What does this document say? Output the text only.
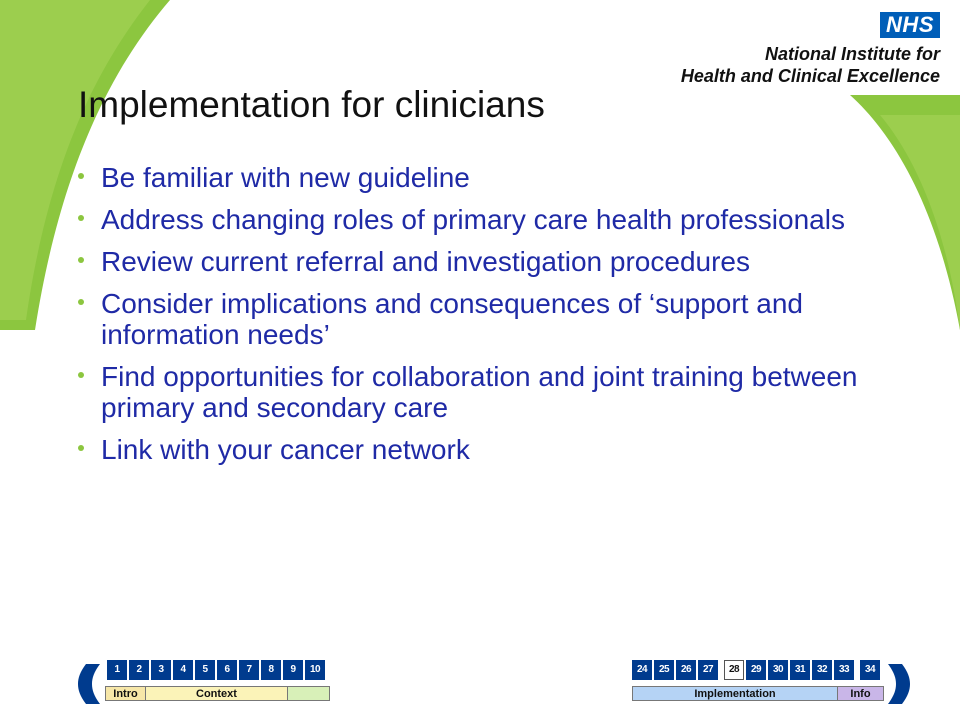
NHS
National Institute for
Health and Clinical Excellence
Implementation for clinicians
Be familiar with new guideline
Address changing roles of primary care health professionals
Review current referral and investigation procedures
Consider implications and consequences of ‘support and information needs’
Find opportunities for collaboration and joint training between primary and secondary care
Link with your cancer network
1	2	3	4	5	6	7	8	9	10
Intro	Context
24	25	26	27	28	29	30	31	32	33	34
Implementation	Info
